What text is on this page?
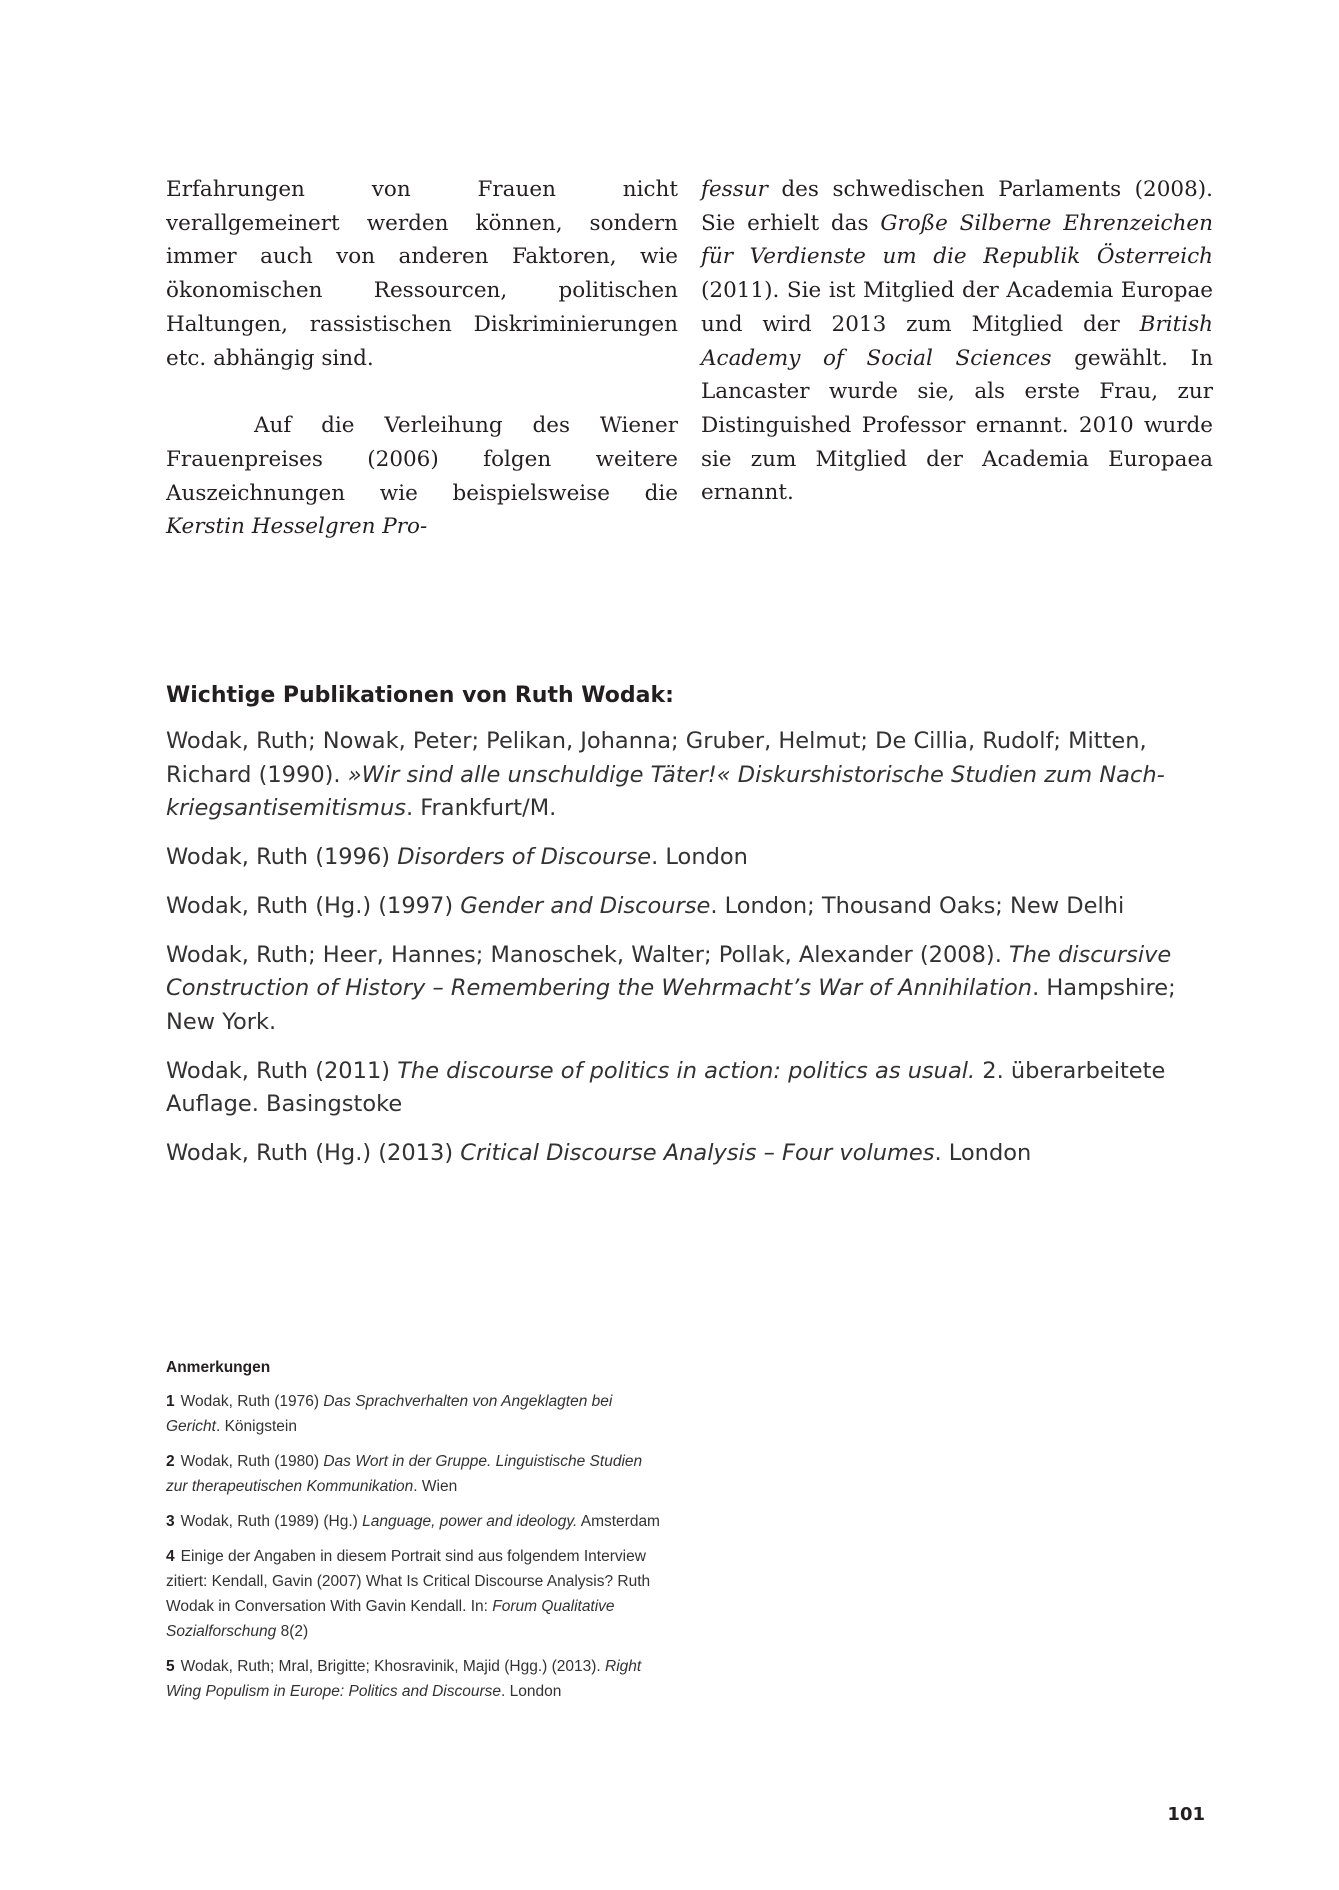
Erfahrungen von Frauen nicht verallgemeinert werden können, sondern immer auch von anderen Faktoren, wie ökonomischen Ressourcen, politischen Haltungen, rassistischen Diskriminierungen etc. abhängig sind.

Auf die Verleihung des Wiener Frauenpreises (2006) folgen weitere Auszeichnungen wie beispielsweise die Kerstin Hesselgren Pro-

fessur des schwedischen Parlaments (2008). Sie erhielt das Große Silberne Ehrenzeichen für Verdienste um die Republik Österreich (2011). Sie ist Mitglied der Academia Europae und wird 2013 zum Mitglied der British Academy of Social Sciences gewählt. In Lancaster wurde sie, als erste Frau, zur Distinguished Professor ernannt. 2010 wurde sie zum Mitglied der Academia Europaea ernannt.

Wichtige Publikationen von Ruth Wodak:

Wodak, Ruth; Nowak, Peter; Pelikan, Johanna; Gruber, Helmut; De Cillia, Rudolf; Mitten, Richard (1990). »Wir sind alle unschuldige Täter!« Diskurshistorische Studien zum Nachkriegsantisemitismus. Frankfurt/M.

Wodak, Ruth (1996) Disorders of Discourse. London

Wodak, Ruth (Hg.) (1997) Gender and Discourse. London; Thousand Oaks; New Delhi

Wodak, Ruth; Heer, Hannes; Manoschek, Walter; Pollak, Alexander (2008). The discursive Construction of History – Remembering the Wehrmacht’s War of Annihilation. Hampshire; New York.

Wodak, Ruth (2011) The discourse of politics in action: politics as usual. 2. überarbeitete Auflage. Basingstoke

Wodak, Ruth (Hg.) (2013) Critical Discourse Analysis – Four volumes. London

Anmerkungen

1 Wodak, Ruth (1976) Das Sprachverhalten von Angeklagten bei Gericht. Königstein

2 Wodak, Ruth (1980) Das Wort in der Gruppe. Linguistische Studien zur therapeutischen Kommunikation. Wien

3 Wodak, Ruth (1989) (Hg.) Language, power and ideology. Amsterdam

4 Einige der Angaben in diesem Portrait sind aus folgendem Interview zitiert: Kendall, Gavin (2007) What Is Critical Discourse Analysis? Ruth Wodak in Conversation With Gavin Kendall. In: Forum Qualitative Sozialforschung 8(2)

5 Wodak, Ruth; Mral, Brigitte; Khosravinik, Majid (Hgg.) (2013). Right Wing Populism in Europe: Politics and Discourse. London

101
